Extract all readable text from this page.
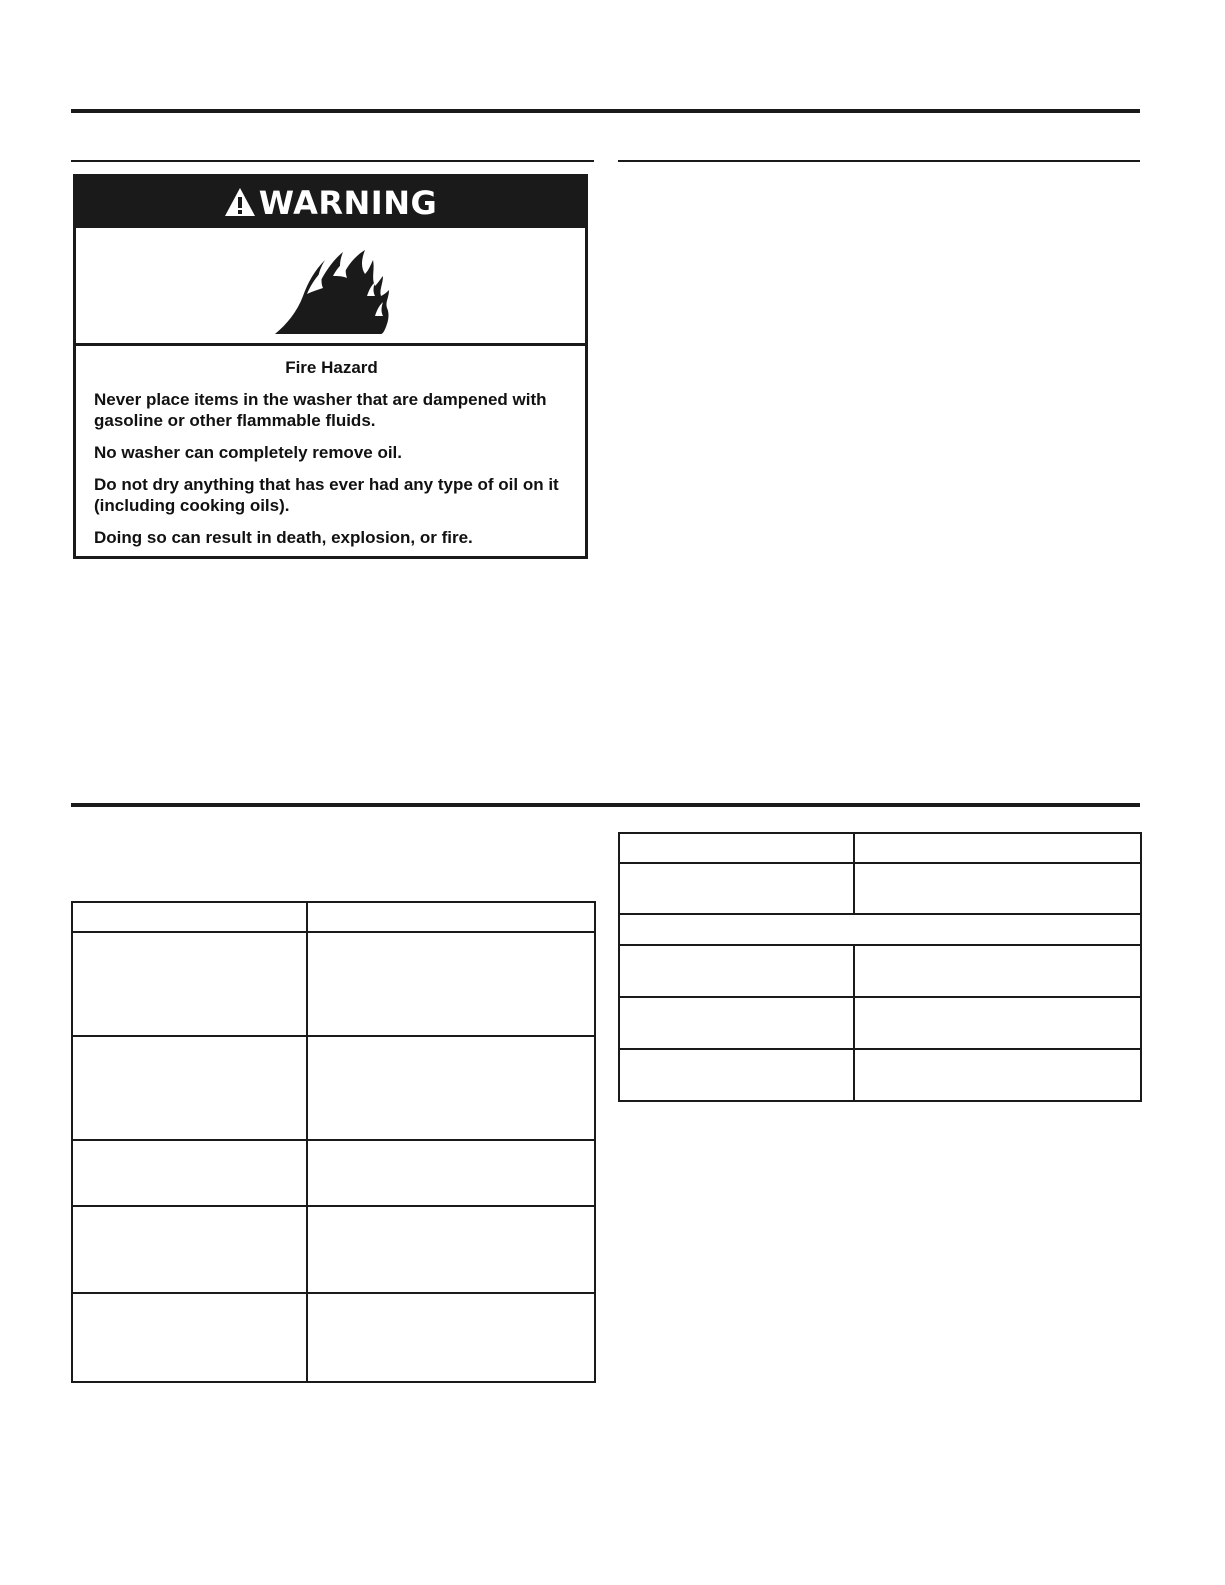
WARNING
Fire Hazard

Never place items in the washer that are dampened with gasoline or other flammable fluids.

No washer can completely remove oil.

Do not dry anything that has ever had any type of oil on it (including cooking oils).

Doing so can result in death, explosion, or fire.
